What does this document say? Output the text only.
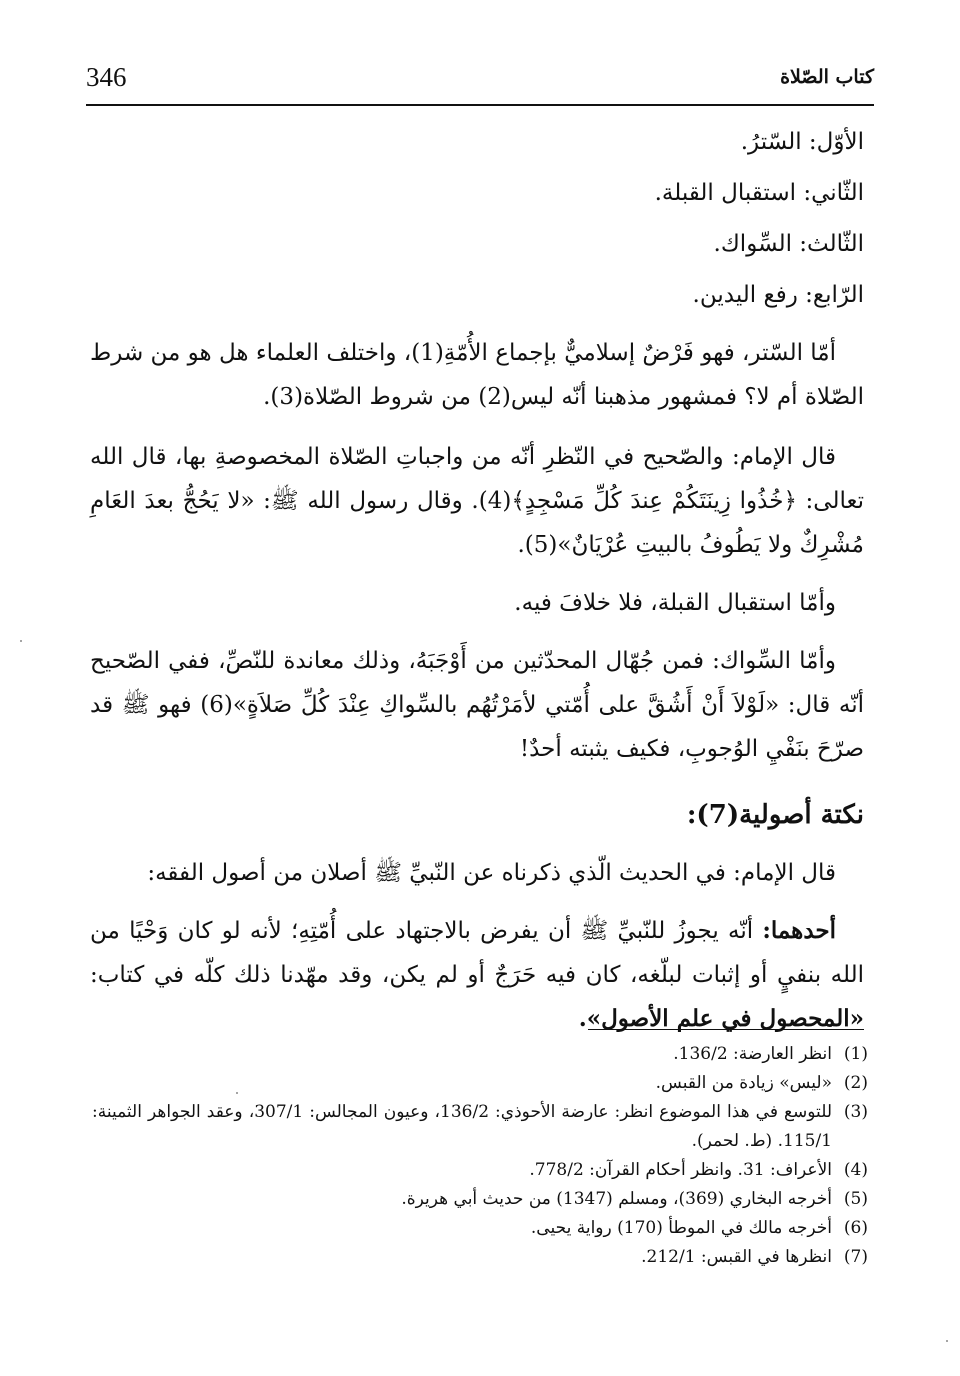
346	كتاب الصّلاة
الأوّل: السّترُ.
الثّاني: استقبال القبلة.
الثّالث: السِّواك.
الرّابع: رفع اليدين.
أمّا السّتر، فهو فَرْضٌ إسلاميٌّ بإجماع الأُمّةِ(1)، واختلف العلماء هل هو من شرط الصّلاة أم لا؟ فمشهور مذهبنا أنّه ليس(2) من شروط الصّلاة(3).
قال الإمام: والصّحيح في النّظرِ أنّه من واجباتِ الصّلاة المخصوصةِ بها، قال الله تعالى: ﴿خُذُوا زِينَتَكُمْ عِندَ كُلِّ مَسْجِدٍ﴾(4). وقال رسول الله ﷺ: «لا يَحُجُّ بعدَ العَامِ مُشْرِكٌ ولا يَطُوفُ بالبيتِ عُرْيَانٌ»(5).
وأمّا استقبال القبلة، فلا خلافَ فيه.
وأمّا السِّواك: فمن جُهّال المحدّثين من أَوْجَبَهُ، وذلك معاندة للنّصِّ، ففي الصّحيح أنّه قال: «لَوْلاَ أَنْ أَشُقَّ على أُمّتي لأمَرْتُهُم بالسِّواكِ عِنْدَ كُلِّ صَلاَةٍ»(6) فهو ﷺ قد صرّحَ بنَفْيِ الوُجوبِ، فكيف يثبته أحدٌ!
نكتة أصولية(7):
قال الإمام: في الحديث الّذي ذكرناه عن النّبيِّ ﷺ أصلان من أصول الفقه:
أحدهما: أنّه يجوزُ للنّبيِّ ﷺ أن يفرض بالاجتهاد على أُمّتِهِ؛ لأنه لو كان وَحْيًا من الله بنفيٍ أو إثبات لبلّغه، كان فيه حَرَجٌ أو لم يكن، وقد مهّدنا ذلك كلّه في كتاب: «المحصول في علم الأصول».
(1)
انظر العارضة: 136/2.
(2)
«ليس» زيادة من القبس.
(3)
للتوسع في هذا الموضوع انظر: عارضة الأحوذي: 136/2، وعيون المجالس: 307/1، وعقد الجواهر الثمينة: 115/1. (ط. لحمر).
(4)
الأعراف: 31. وانظر أحكام القرآن: 778/2.
(5)
أخرجه البخاري (369)، ومسلم (1347) من حديث أبي هريرة.
(6)
أخرجه مالك في الموطأ (170) رواية يحيى.
(7)
انظرها في القبس: 212/1.
